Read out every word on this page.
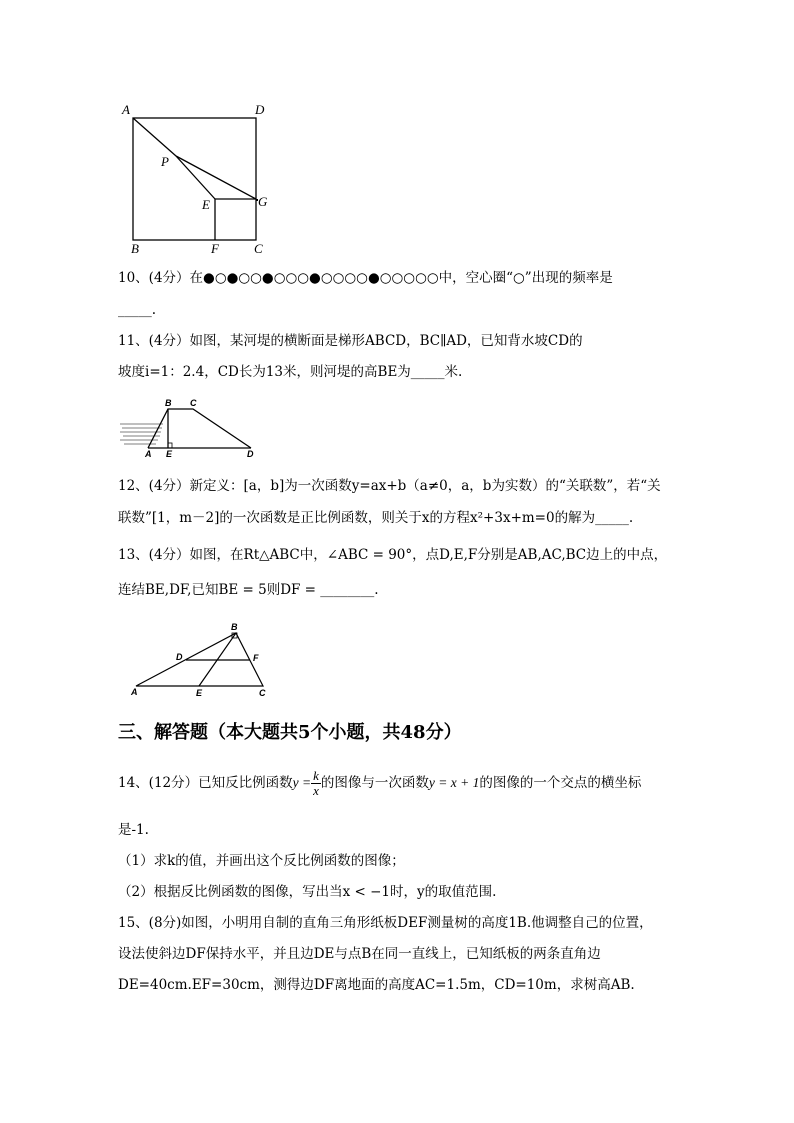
A	D
P
E	G
B	F	C
10、(4分）在●○●○○●○○○●○○○○●○○○○○中，空心圈“○”出现的频率是
_____.
11、(4分）如图，某河堤的横断面是梯形ABCD，BC∥AD，已知背水坡CD的
坡度i=1：2.4，CD长为13米，则河堤的高BE为_____米.
B C
A E	D
12、(4分）新定义：[a，b]为一次函数y=ax+b（a≠0，a，b为实数）的“关联数”，若“关
联数”[1，m－2]的一次函数是正比例函数，则关于x的方程x²+3x+m=0的解为_____.
13、(4分）如图，在Rt△ABC中，∠ABC = 90°，点D,E,F分别是AB,AC,BC边上的中点，
连结BE,DF,已知BE = 5则DF = ________.
B
D	F
A	E	C
三、解答题（本大题共5个小题，共48分）
14、(12分）已知反比例函数$y = \frac{k}{x}$ 的图像与一次函数y = x + 1的图像的一个交点的横坐标
是-1.
（1）求k的值，并画出这个反比例函数的图像；
（2）根据反比例函数的图像，写出当x < −1时，y的取值范围.
15、(8分)如图，小明用自制的直角三角形纸板DEF测量树的高度1B.他调整自己的位置，
设法使斜边DF保持水平，并且边DE与点B在同一直线上，已知纸板的两条直角边
DE=40cm.EF=30cm，测得边DF离地面的高度AC=1.5m，CD=10m，求树高AB.
